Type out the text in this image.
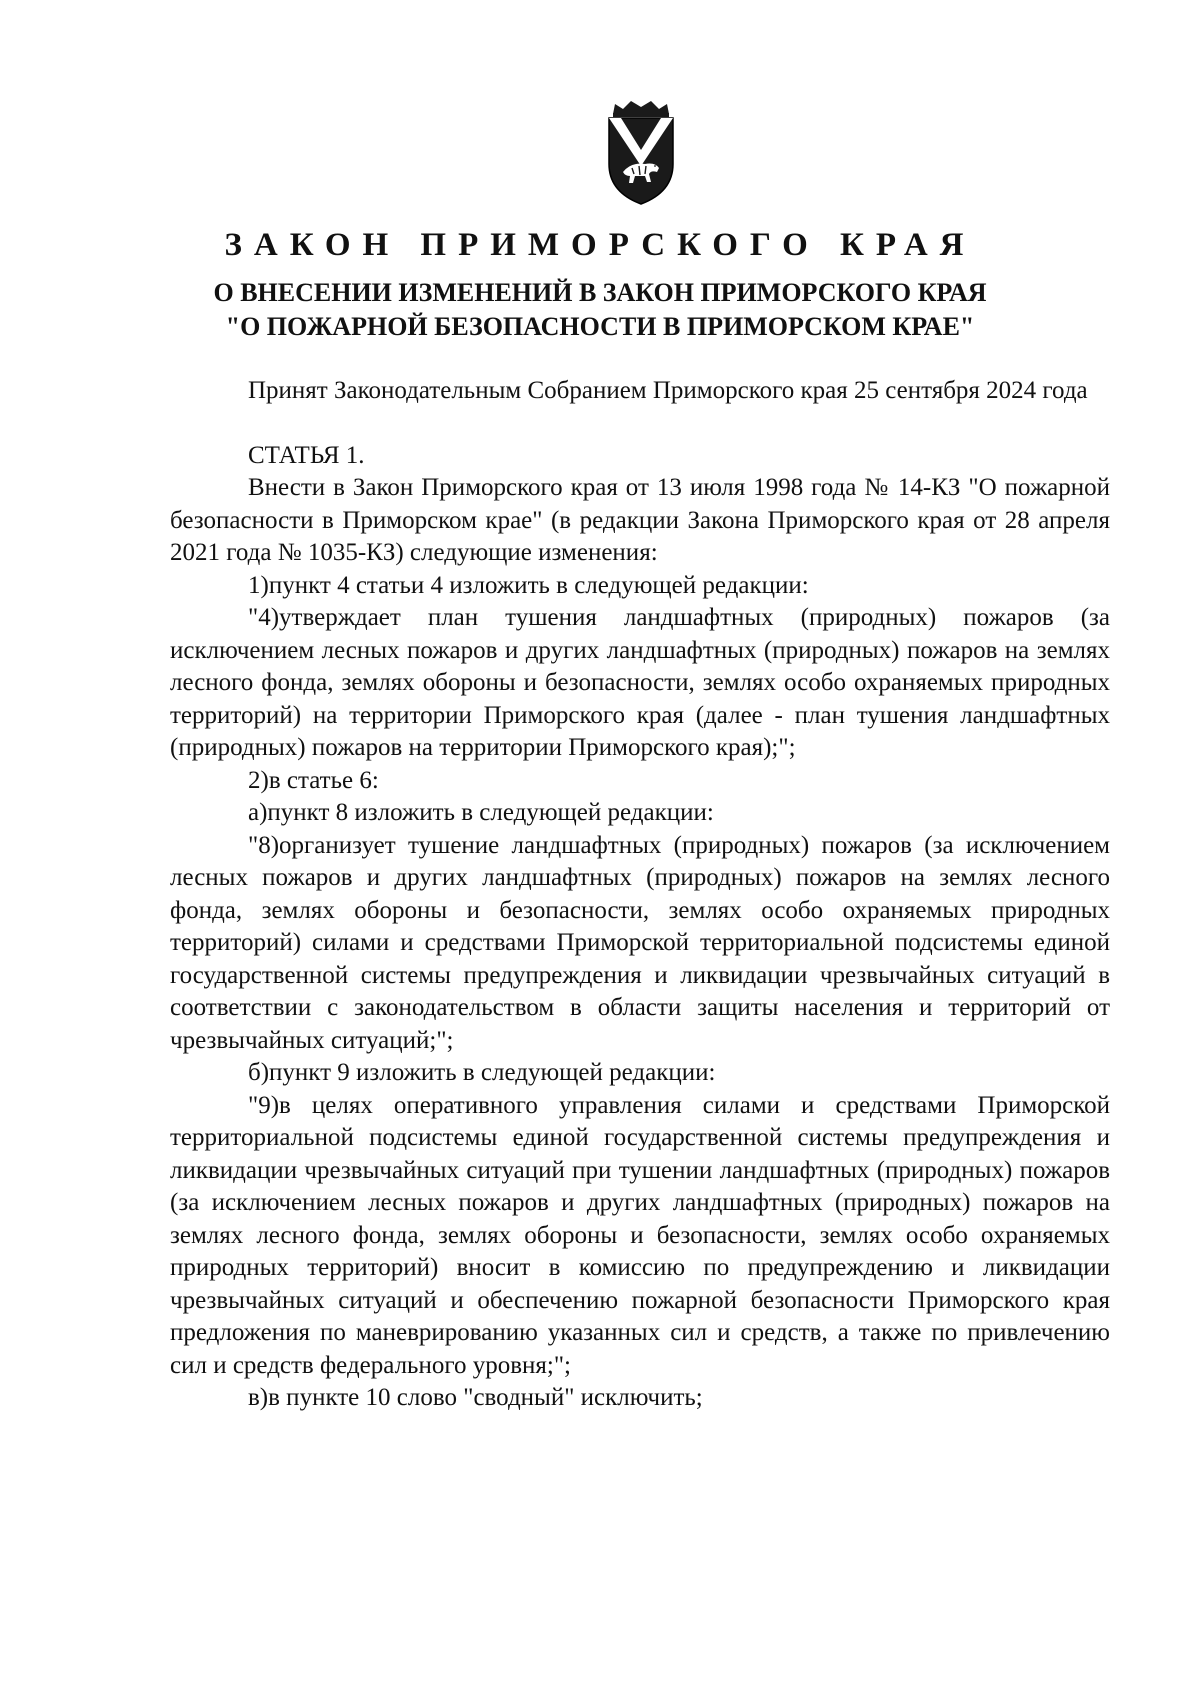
ЗАКОН ПРИМОРСКОГО КРАЯ
О ВНЕСЕНИИ ИЗМЕНЕНИЙ В ЗАКОН ПРИМОРСКОГО КРАЯ
"О ПОЖАРНОЙ БЕЗОПАСНОСТИ В ПРИМОРСКОМ КРАЕ"

Принят Законодательным Собранием Приморского края 25 сентября 2024 года

СТАТЬЯ 1.

Внести в Закон Приморского края от 13 июля 1998 года № 14-КЗ "О пожарной безопасности в Приморском крае" (в редакции Закона Приморского края от 28 апреля 2021 года № 1035-КЗ) следующие изменения:

1)пункт 4 статьи 4 изложить в следующей редакции:

"4)утверждает план тушения ландшафтных (природных) пожаров (за исключением лесных пожаров и других ландшафтных (природных) пожаров на землях лесного фонда, землях обороны и безопасности, землях особо охраняемых природных территорий) на территории Приморского края (далее - план тушения ландшафтных (природных) пожаров на территории Приморского края);";

2)в статье 6:

а)пункт 8 изложить в следующей редакции:

"8)организует тушение ландшафтных (природных) пожаров (за исключением лесных пожаров и других ландшафтных (природных) пожаров на землях лесного фонда, землях обороны и безопасности, землях особо охраняемых природных территорий) силами и средствами Приморской территориальной подсистемы единой государственной системы предупреждения и ликвидации чрезвычайных ситуаций в соответствии с законодательством в области защиты населения и территорий от чрезвычайных ситуаций;";

б)пункт 9 изложить в следующей редакции:

"9)в целях оперативного управления силами и средствами Приморской территориальной подсистемы единой государственной системы предупреждения и ликвидации чрезвычайных ситуаций при тушении ландшафтных (природных) пожаров (за исключением лесных пожаров и других ландшафтных (природных) пожаров на землях лесного фонда, землях обороны и безопасности, землях особо охраняемых природных территорий) вносит в комиссию по предупреждению и ликвидации чрезвычайных ситуаций и обеспечению пожарной безопасности Приморского края предложения по маневрированию указанных сил и средств, а также по привлечению сил и средств федерального уровня;";

в)в пункте 10 слово "сводный" исключить;
